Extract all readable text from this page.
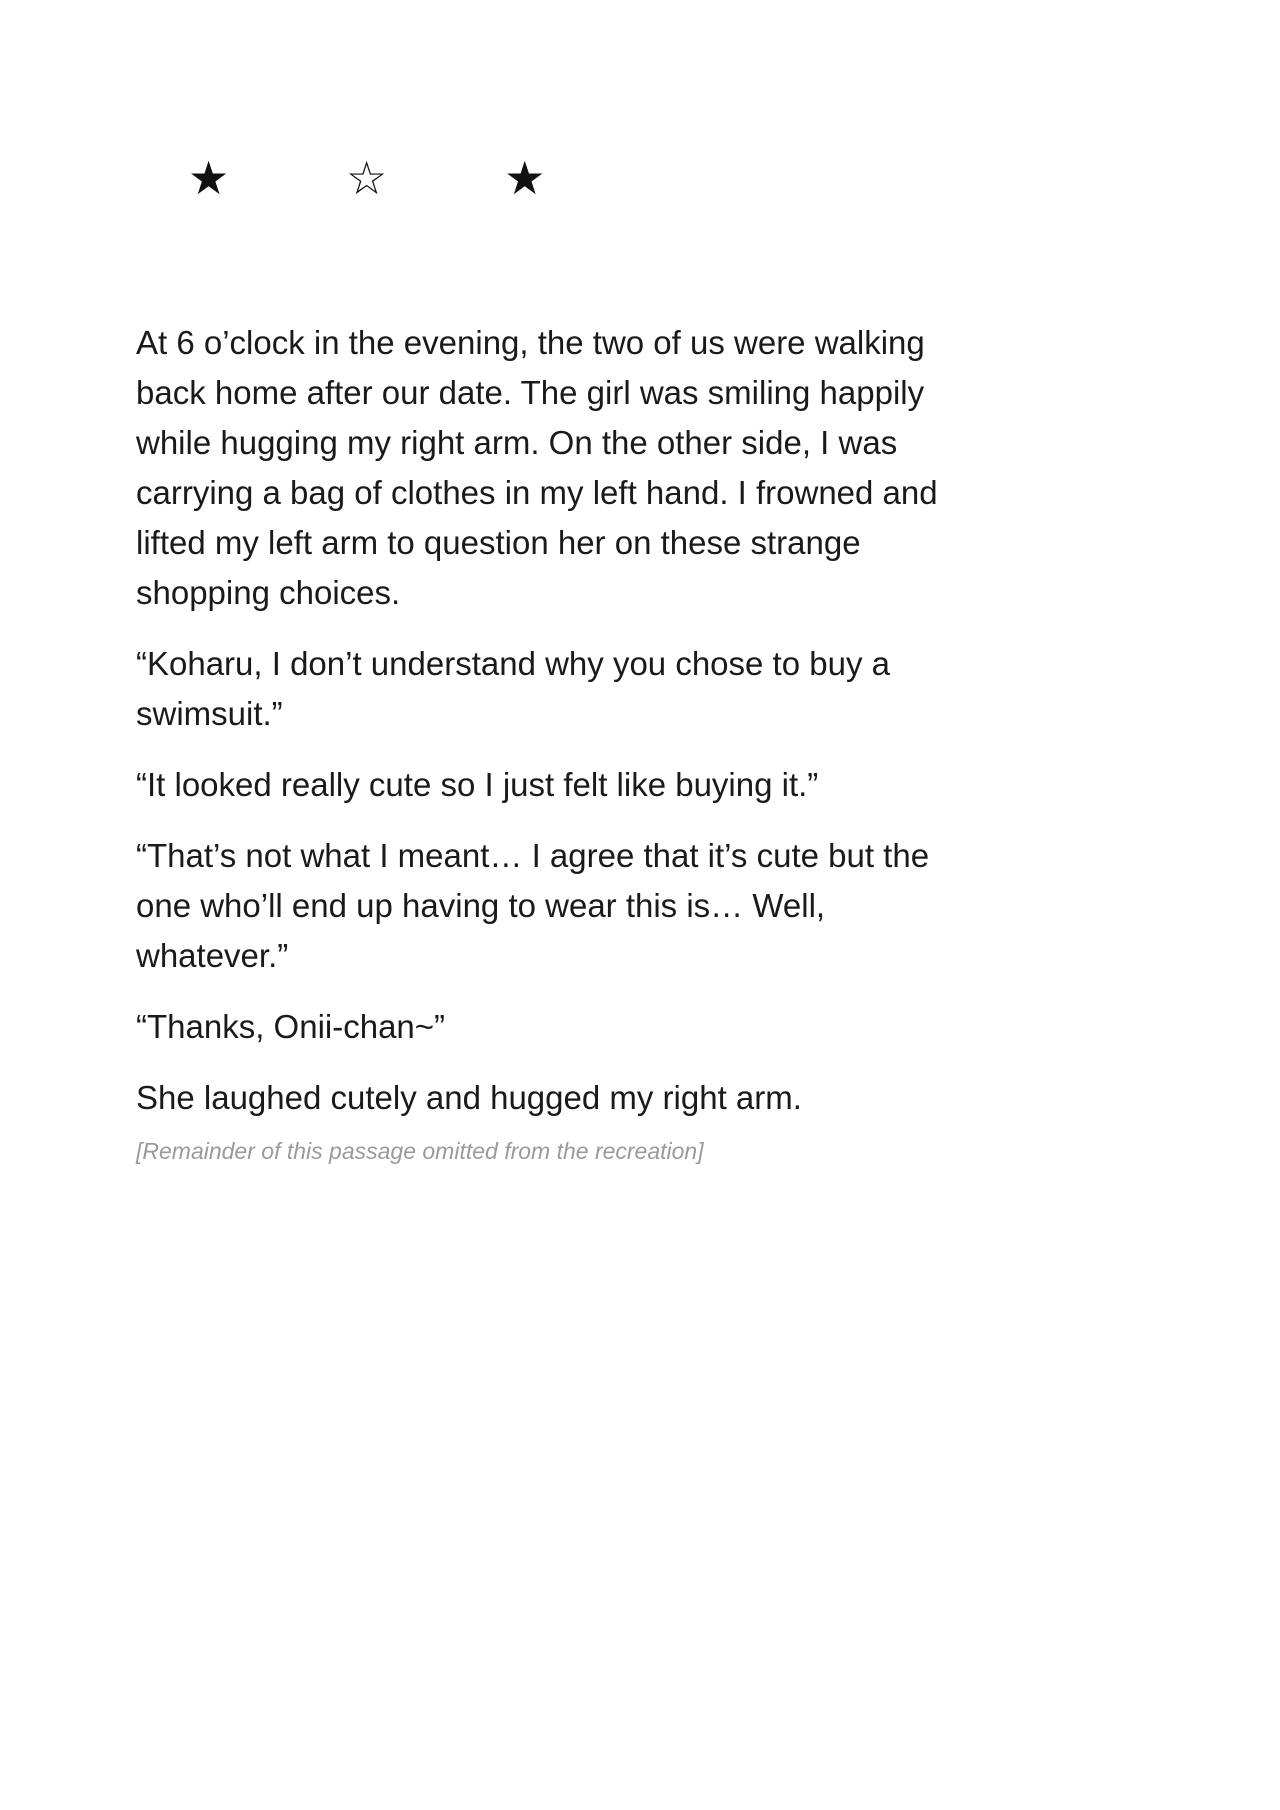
★	☆	★

At 6 o’clock in the evening, the two of us were walking back home after our date. The girl was smiling happily while hugging my right arm. On the other side, I was carrying a bag of clothes in my left hand. I frowned and lifted my left arm to question her on these strange shopping choices.

“Koharu, I don’t understand why you chose to buy a swimsuit.”

“It looked really cute so I just felt like buying it.”

“That’s not what I meant… I agree that it’s cute but the one who’ll end up having to wear this is… Well, whatever.”

“Thanks, Onii-chan~”

She laughed cutely and hugged my right arm.
[Remainder of this passage omitted from the recreation]
